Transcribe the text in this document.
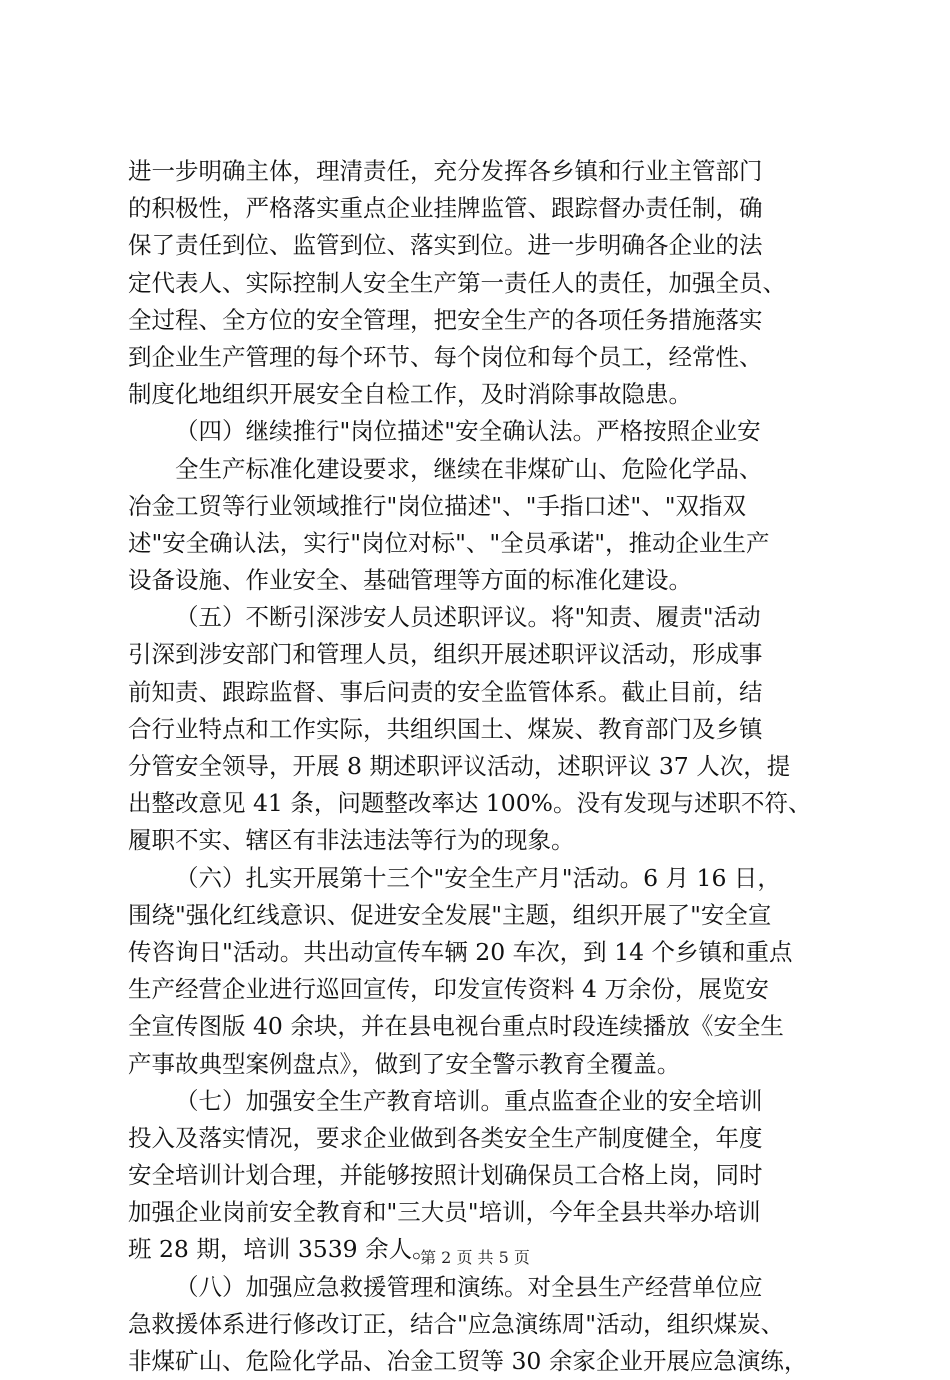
进一步明确主体，理清责任，充分发挥各乡镇和行业主管部门
的积极性，严格落实重点企业挂牌监管、跟踪督办责任制，确
保了责任到位、监管到位、落实到位。进一步明确各企业的法
定代表人、实际控制人安全生产第一责任人的责任，加强全员、
全过程、全方位的安全管理，把安全生产的各项任务措施落实
到企业生产管理的每个环节、每个岗位和每个员工，经常性、
制度化地组织开展安全自检工作，及时消除事故隐患。
（四）继续推行"岗位描述"安全确认法。严格按照企业安
全生产标准化建设要求，继续在非煤矿山、危险化学品、
冶金工贸等行业领域推行"岗位描述"、"手指口述"、"双指双
述"安全确认法，实行"岗位对标"、"全员承诺"，推动企业生产
设备设施、作业安全、基础管理等方面的标准化建设。
（五）不断引深涉安人员述职评议。将"知责、履责"活动
引深到涉安部门和管理人员，组织开展述职评议活动，形成事
前知责、跟踪监督、事后问责的安全监管体系。截止目前，结
合行业特点和工作实际，共组织国土、煤炭、教育部门及乡镇
分管安全领导，开展 8 期述职评议活动，述职评议 37 人次，提
出整改意见 41 条，问题整改率达 100%。没有发现与述职不符、
履职不实、辖区有非法违法等行为的现象。
（六）扎实开展第十三个"安全生产月"活动。6 月 16 日，
围绕"强化红线意识、促进安全发展"主题，组织开展了"安全宣
传咨询日"活动。共出动宣传车辆 20 车次，到 14 个乡镇和重点
生产经营企业进行巡回宣传，印发宣传资料 4 万余份，展览安
全宣传图版 40 余块，并在县电视台重点时段连续播放《安全生
产事故典型案例盘点》，做到了安全警示教育全覆盖。
（七）加强安全生产教育培训。重点监查企业的安全培训
投入及落实情况，要求企业做到各类安全生产制度健全，年度
安全培训计划合理，并能够按照计划确保员工合格上岗，同时
加强企业岗前安全教育和"三大员"培训，今年全县共举办培训
班 28 期，培训 3539 余人。
（八）加强应急救援管理和演练。对全县生产经营单位应
急救援体系进行修改订正，结合"应急演练周"活动，组织煤炭、
非煤矿山、危险化学品、冶金工贸等 30 余家企业开展应急演练，
第 2 页 共 5 页
